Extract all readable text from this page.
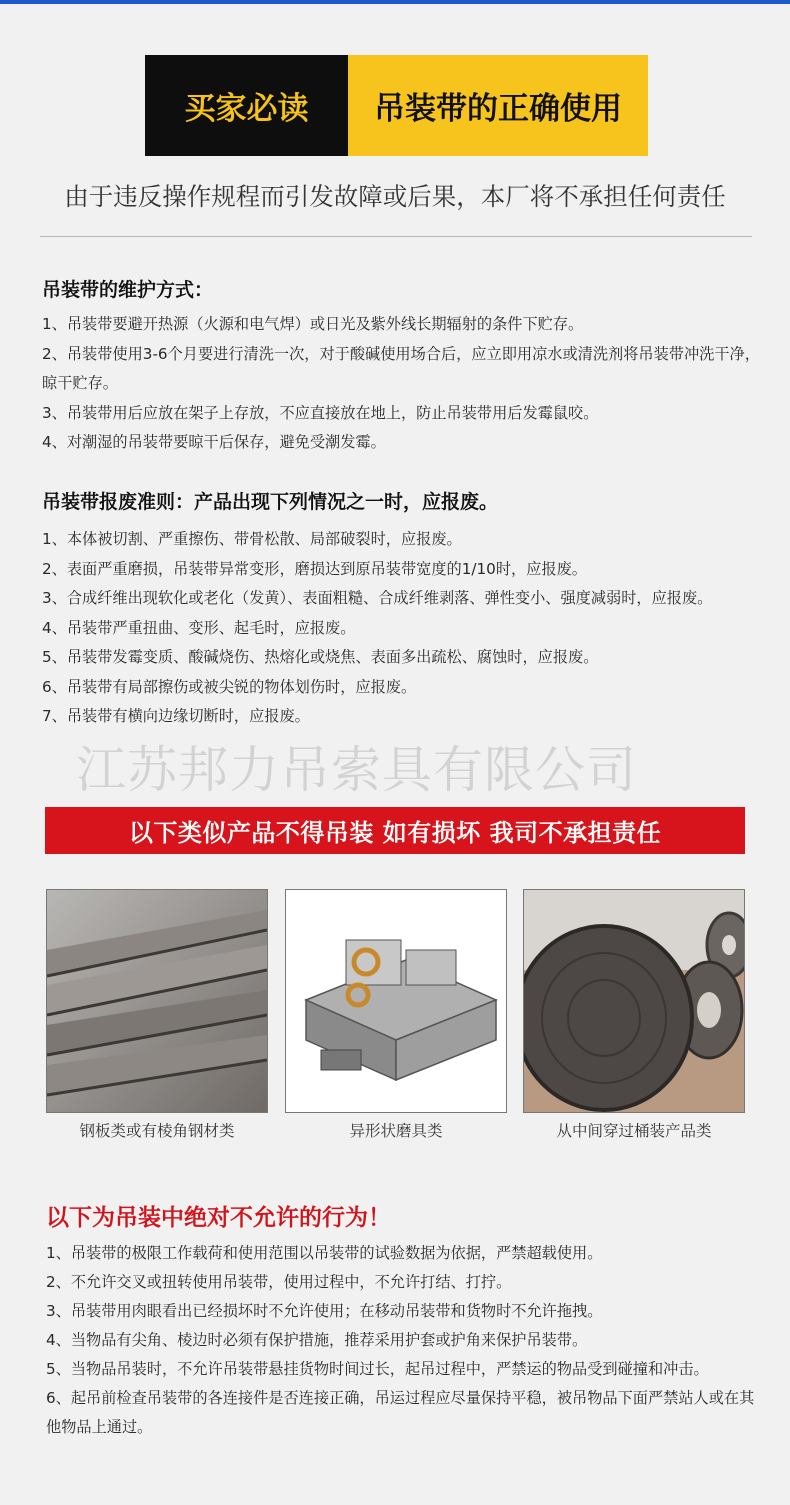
买家必读	吊装带的正确使用
由于违反操作规程而引发故障或后果，本厂将不承担任何责任
吊装带的维护方式：
1、吊装带要避开热源（火源和电气焊）或日光及紫外线长期辐射的条件下贮存。
2、吊装带使用3-6个月要进行清洗一次，对于酸碱使用场合后，应立即用凉水或清洗剂将吊装带冲洗干净，晾干贮存。
3、吊装带用后应放在架子上存放，不应直接放在地上，防止吊装带用后发霉鼠咬。
4、对潮湿的吊装带要晾干后保存，避免受潮发霉。
吊装带报废准则：产品出现下列情况之一时，应报废。
1、本体被切割、严重擦伤、带骨松散、局部破裂时，应报废。
2、表面严重磨损，吊装带异常变形，磨损达到原吊装带宽度的1/10时，应报废。
3、合成纤维出现软化或老化（发黄）、表面粗糙、合成纤维剥落、弹性变小、强度减弱时，应报废。
4、吊装带严重扭曲、变形、起毛时，应报废。
5、吊装带发霉变质、酸碱烧伤、热熔化或烧焦、表面多出疏松、腐蚀时，应报废。
6、吊装带有局部擦伤或被尖锐的物体划伤时，应报废。
7、吊装带有横向边缘切断时，应报废。
江苏邦力吊索具有限公司
以下类似产品不得吊装 如有损坏 我司不承担责任
钢板类或有棱角钢材类	异形状磨具类	从中间穿过桶装产品类
以下为吊装中绝对不允许的行为！
1、吊装带的极限工作载荷和使用范围以吊装带的试验数据为依据，严禁超载使用。
2、不允许交叉或扭转使用吊装带，使用过程中，不允许打结、打拧。
3、吊装带用肉眼看出已经损坏时不允许使用；在移动吊装带和货物时不允许拖拽。
4、当物品有尖角、棱边时必须有保护措施，推荐采用护套或护角来保护吊装带。
5、当物品吊装时，不允许吊装带悬挂货物时间过长，起吊过程中，严禁运的物品受到碰撞和冲击。
6、起吊前检查吊装带的各连接件是否连接正确，吊运过程应尽量保持平稳，被吊物品下面严禁站人或在其他物品上通过。
